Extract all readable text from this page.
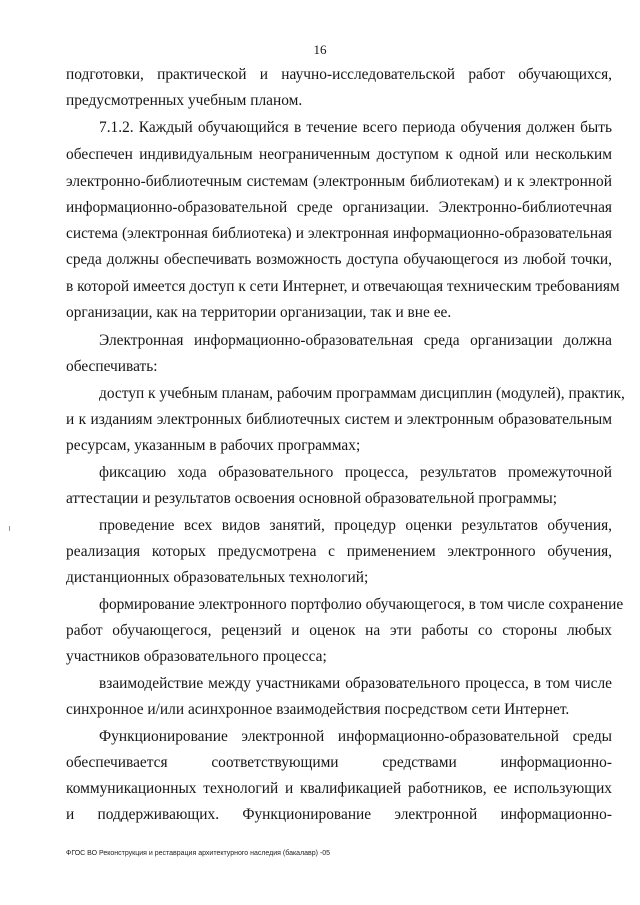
16
подготовки, практической и научно-исследовательской работ обучающихся,
предусмотренных учебным планом.
7.1.2. Каждый обучающийся в течение всего периода обучения должен быть
обеспечен индивидуальным неограниченным доступом к одной или нескольким
электронно-библиотечным системам (электронным библиотекам) и к электронной
информационно-образовательной среде организации. Электронно-библиотечная
система (электронная библиотека) и электронная информационно-образовательная
среда должны обеспечивать возможность доступа обучающегося из любой точки,
в которой имеется доступ к сети Интернет, и отвечающая техническим требованиям
организации, как на территории организации, так и вне ее.
Электронная информационно-образовательная среда организации должна
обеспечивать:
доступ к учебным планам, рабочим программам дисциплин (модулей), практик,
и к изданиям электронных библиотечных систем и электронным образовательным
ресурсам, указанным в рабочих программах;
фиксацию хода образовательного процесса, результатов промежуточной
аттестации и результатов освоения основной образовательной программы;
проведение всех видов занятий, процедур оценки результатов обучения,
реализация которых предусмотрена с применением электронного обучения,
дистанционных образовательных технологий;
формирование электронного портфолио обучающегося, в том числе сохранение
работ обучающегося, рецензий и оценок на эти работы со стороны любых
участников образовательного процесса;
взаимодействие между участниками образовательного процесса, в том числе
синхронное и/или асинхронное взаимодействия посредством сети Интернет.
Функционирование электронной информационно-образовательной среды
обеспечивается соответствующими средствами информационно-
коммуникационных технологий и квалификацией работников, ее использующих
и поддерживающих. Функционирование электронной информационно-
ФГОС ВО Реконструкция и реставрация архитектурного наследия (бакалавр) -05
